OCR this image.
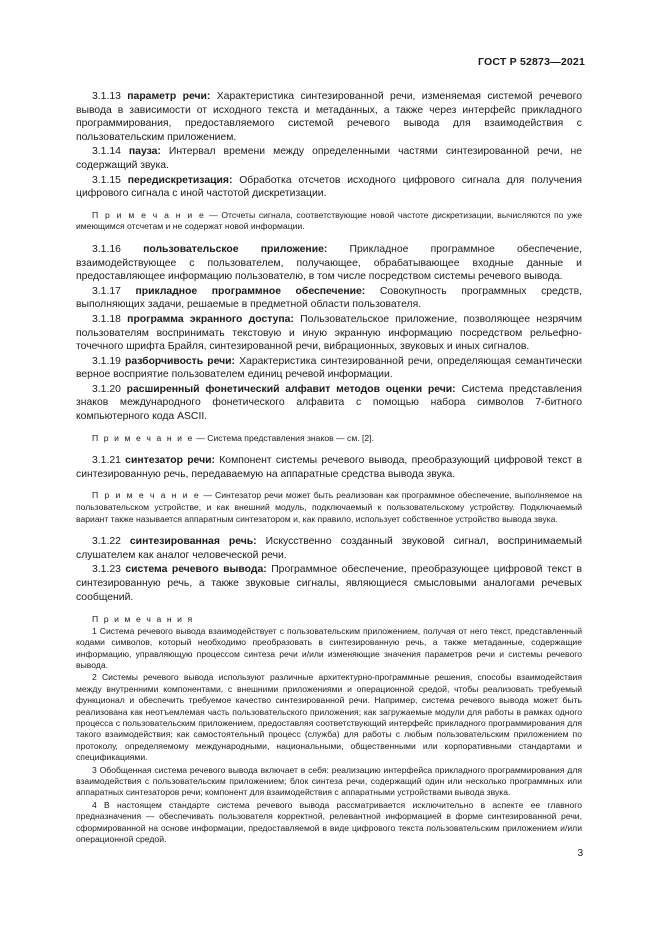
ГОСТ Р 52873—2021

3.1.13 параметр речи: Характеристика синтезированной речи, изменяемая системой речевого вывода в зависимости от исходного текста и метаданных, а также через интерфейс прикладного программирования, предоставляемого системой речевого вывода для взаимодействия с пользовательским приложением.

3.1.14 пауза: Интервал времени между определенными частями синтезированной речи, не содержащий звука.

3.1.15 передискретизация: Обработка отсчетов исходного цифрового сигнала для получения цифрового сигнала с иной частотой дискретизации.

П р и м е ч а н и е — Отсчеты сигнала, соответствующие новой частоте дискретизации, вычисляются по уже имеющимся отсчетам и не содержат новой информации.

3.1.16 пользовательское приложение: Прикладное программное обеспечение, взаимодействующее с пользователем, получающее, обрабатывающее входные данные и предоставляющее информацию пользователю, в том числе посредством системы речевого вывода.

3.1.17 прикладное программное обеспечение: Совокупность программных средств, выполняющих задачи, решаемые в предметной области пользователя.

3.1.18 программа экранного доступа: Пользовательское приложение, позволяющее незрячим пользователям воспринимать текстовую и иную экранную информацию посредством рельефно-точечного шрифта Брайля, синтезированной речи, вибрационных, звуковых и иных сигналов.

3.1.19 разборчивость речи: Характеристика синтезированной речи, определяющая семантически верное восприятие пользователем единиц речевой информации.

3.1.20 расширенный фонетический алфавит методов оценки речи: Система представления знаков международного фонетического алфавита с помощью набора символов 7-битного компьютерного кода ASCII.

П р и м е ч а н и е — Система представления знаков — см. [2].

3.1.21 синтезатор речи: Компонент системы речевого вывода, преобразующий цифровой текст в синтезированную речь, передаваемую на аппаратные средства вывода звука.

П р и м е ч а н и е — Синтезатор речи может быть реализован как программное обеспечение, выполняемое на пользовательском устройстве, и как внешний модуль, подключаемый к пользовательскому устройству. Подключаемый вариант также называется аппаратным синтезатором и, как правило, использует собственное устройство вывода звука.

3.1.22 синтезированная речь: Искусственно созданный звуковой сигнал, воспринимаемый слушателем как аналог человеческой речи.

3.1.23 система речевого вывода: Программное обеспечение, преобразующее цифровой текст в синтезированную речь, а также звуковые сигналы, являющиеся смысловыми аналогами речевых сообщений.

П р и м е ч а н и я

1 Система речевого вывода взаимодействует с пользовательским приложением, получая от него текст, представленный кодами символов, который необходимо преобразовать в синтезированную речь, а также метаданные, содержащие информацию, управляющую процессом синтеза речи и/или изменяющие значения параметров речи и системы речевого вывода.

2 Системы речевого вывода используют различные архитектурно-программные решения, способы взаимодействия между внутренними компонентами, с внешними приложениями и операционной средой, чтобы реализовать требуемый функционал и обеспечить требуемое качество синтезированной речи. Например, система речевого вывода может быть реализована как неотъемлемая часть пользовательского приложения; как загружаемые модули для работы в рамках одного процесса с пользовательским приложением, предоставляя соответствующий интерфейс прикладного программирования для такого взаимодействия; как самостоятельный процесс (служба) для работы с любым пользовательским приложением по протоколу, определяемому международными, национальными, общественными или корпоративными стандартами и спецификациями.

3 Обобщенная система речевого вывода включает в себя: реализацию интерфейса прикладного программирования для взаимодействия с пользовательским приложением; блок синтеза речи, содержащий один или несколько программных или аппаратных синтезаторов речи; компонент для взаимодействия с аппаратными устройствами вывода звука.

4 В настоящем стандарте система речевого вывода рассматривается исключительно в аспекте ее главного предназначения — обеспечивать пользователя корректной, релевантной информацией в форме синтезированной речи, сформированной на основе информации, предоставляемой в виде цифрового текста пользовательским приложением и/или операционной средой.

3
